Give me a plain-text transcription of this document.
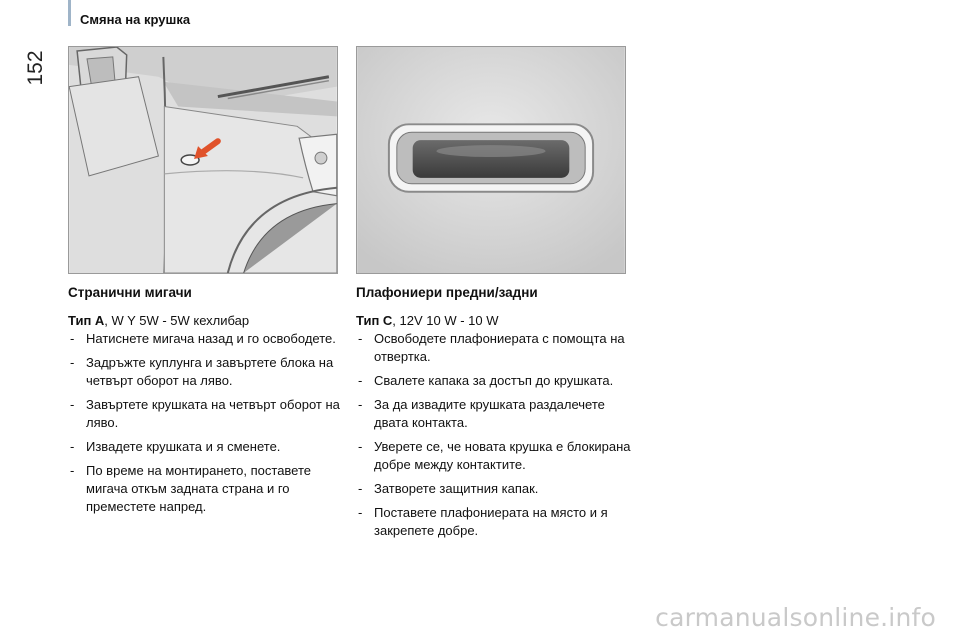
152
Смяна на крушка
Странични мигачи
Тип A, W Y 5W - 5W кехлибар
- Натиснете мигача назад и го освободете.
- Задръжте куплунга и завъртете блока на четвърт оборот на ляво.
- Завъртете крушката на четвърт оборот на ляво.
- Извадете крушката и я сменете.
- По време на монтирането, поставете мигача откъм задната страна и го преместете напред.
Плафониери предни/задни
Тип C, 12V 10 W - 10 W
- Освободете плафониерата с помощта на отвертка.
- Свалете капака за достъп до крушката.
- За да извадите крушката раздалечете двата контакта.
- Уверете се, че новата крушка е блокирана добре между контактите.
- Затворете защитния капак.
- Поставете плафониерата на място и я закрепете добре.
carmanualsonline.info
